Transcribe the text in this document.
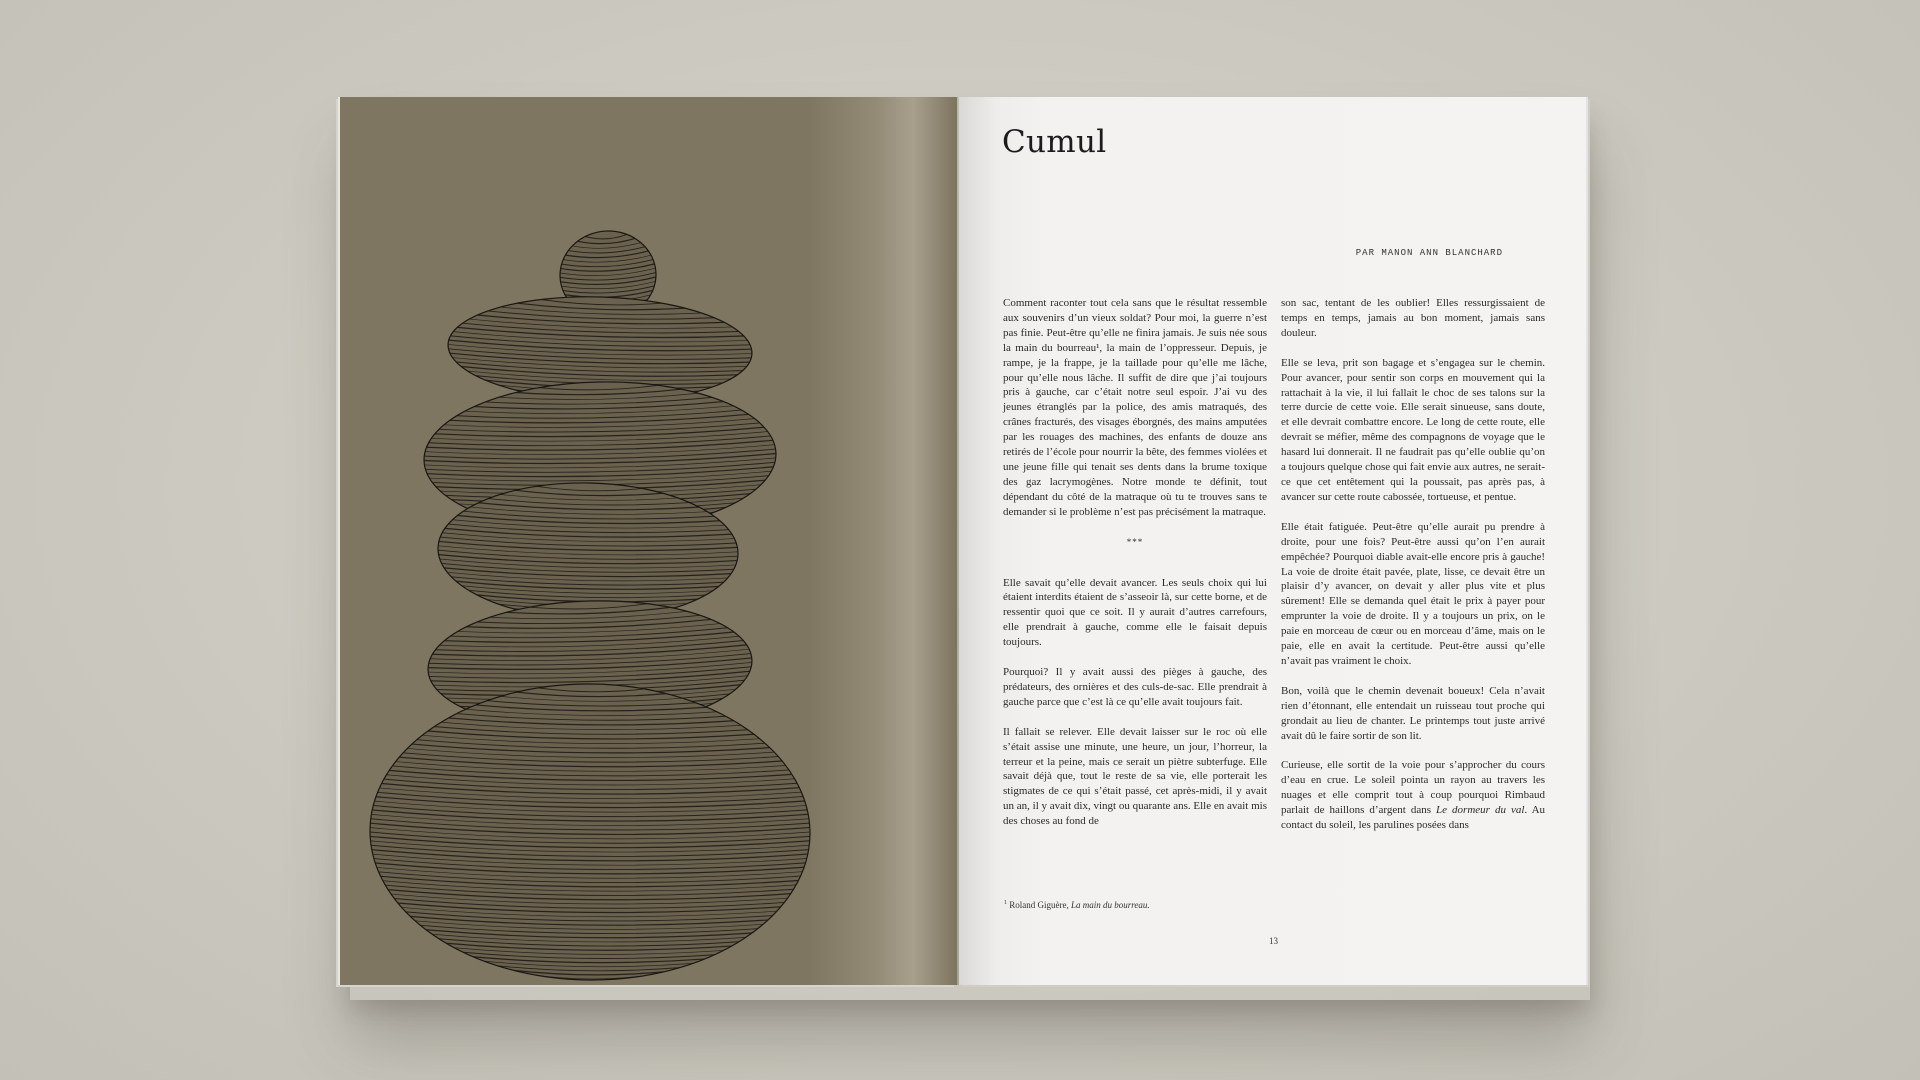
Cumul
PAR MANON ANN BLANCHARD

Comment raconter tout cela sans que le résultat ressemble aux souvenirs d’un vieux soldat? Pour moi, la guerre n’est pas finie. Peut-être qu’elle ne finira jamais. Je suis née sous la main du bourreau¹, la main de l’oppresseur. Depuis, je rampe, je la frappe, je la taillade pour qu’elle me lâche, pour qu’elle nous lâche. Il suffit de dire que j’ai toujours pris à gauche, car c’était notre seul espoir. J’ai vu des jeunes étranglés par la police, des amis matraqués, des crânes fracturés, des visages éborgnés, des mains amputées par les rouages des machines, des enfants de douze ans retirés de l’école pour nourrir la bête, des femmes violées et une jeune fille qui tenait ses dents dans la brume toxique des gaz lacrymogènes. Notre monde te définit, tout dépendant du côté de la matraque où tu te trouves sans te demander si le problème n’est pas précisément la matraque.

***

Elle savait qu’elle devait avancer. Les seuls choix qui lui étaient interdits étaient de s’asseoir là, sur cette borne, et de ressentir quoi que ce soit. Il y aurait d’autres carrefours, elle prendrait à gauche, comme elle le faisait depuis toujours.

Pourquoi? Il y avait aussi des pièges à gauche, des prédateurs, des ornières et des culs-de-sac. Elle prendrait à gauche parce que c’est là ce qu’elle avait toujours fait.

Il fallait se relever. Elle devait laisser sur le roc où elle s’était assise une minute, une heure, un jour, l’horreur, la terreur et la peine, mais ce serait un piètre subterfuge. Elle savait déjà que, tout le reste de sa vie, elle porterait les stigmates de ce qui s’était passé, cet après-midi, il y avait un an, il y avait dix, vingt ou quarante ans. Elle en avait mis des choses au fond de

son sac, tentant de les oublier! Elles ressurgissaient de temps en temps, jamais au bon moment, jamais sans douleur.

Elle se leva, prit son bagage et s’engagea sur le chemin. Pour avancer, pour sentir son corps en mouvement qui la rattachait à la vie, il lui fallait le choc de ses talons sur la terre durcie de cette voie. Elle serait sinueuse, sans doute, et elle devrait combattre encore. Le long de cette route, elle devrait se méfier, même des compagnons de voyage que le hasard lui donnerait. Il ne faudrait pas qu’elle oublie qu’on a toujours quelque chose qui fait envie aux autres, ne serait-ce que cet entêtement qui la poussait, pas après pas, à avancer sur cette route cabossée, tortueuse, et pentue.

Elle était fatiguée. Peut-être qu’elle aurait pu prendre à droite, pour une fois? Peut-être aussi qu’on l’en aurait empêchée? Pourquoi diable avait-elle encore pris à gauche! La voie de droite était pavée, plate, lisse, ce devait être un plaisir d’y avancer, on devait y aller plus vite et plus sûrement! Elle se demanda quel était le prix à payer pour emprunter la voie de droite. Il y a toujours un prix, on le paie en morceau de cœur ou en morceau d’âme, mais on le paie, elle en avait la certitude. Peut-être aussi qu’elle n’avait pas vraiment le choix.

Bon, voilà que le chemin devenait boueux! Cela n’avait rien d’étonnant, elle entendait un ruisseau tout proche qui grondait au lieu de chanter. Le printemps tout juste arrivé avait dû le faire sortir de son lit.

Curieuse, elle sortit de la voie pour s’approcher du cours d’eau en crue. Le soleil pointa un rayon au travers les nuages et elle comprit tout à coup pourquoi Rimbaud parlait de haillons d’argent dans Le dormeur du val. Au contact du soleil, les parulines posées dans

$^1$ Roland Giguère, La main du bourreau.
13
